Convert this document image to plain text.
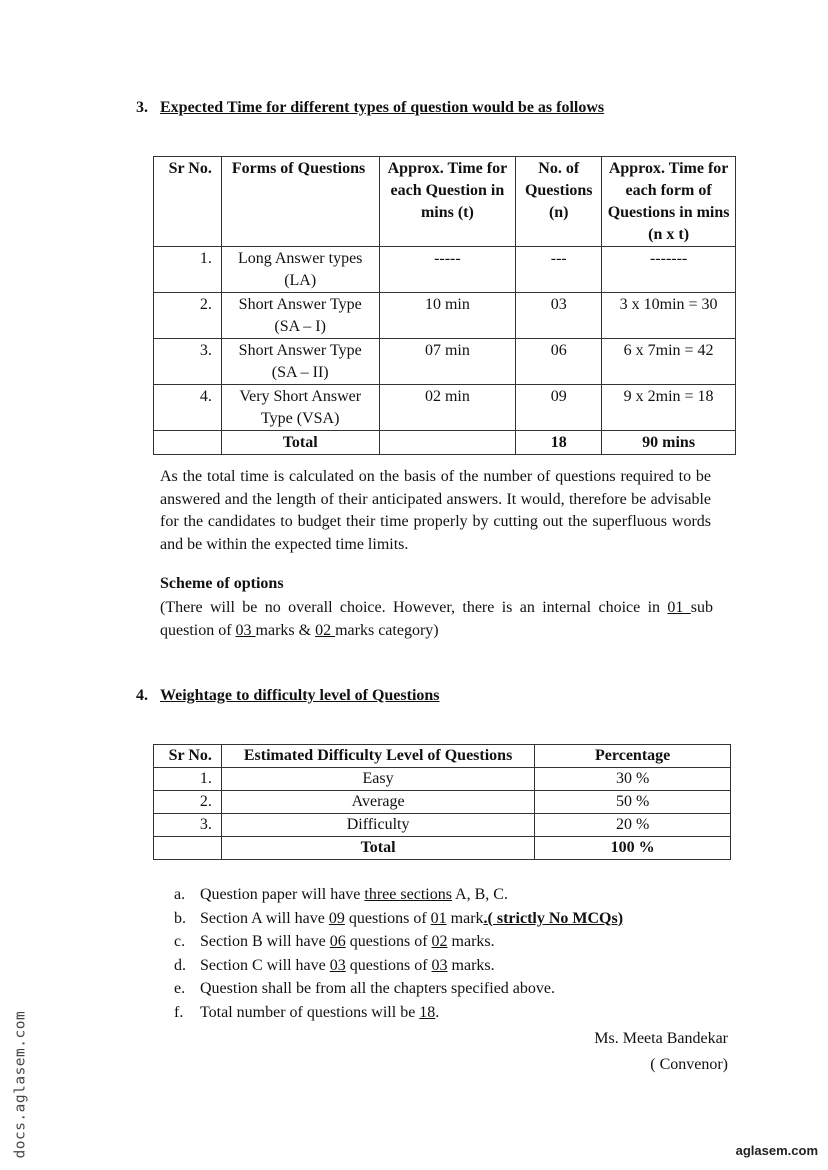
3. Expected Time for different types of question would be as follows
Sr No.	Forms of Questions	Approx. Time for each Question in mins (t)	No. of Questions (n)	Approx. Time for each form of Questions in mins (n x t)
1.	Long Answer types (LA)	-----	---	-------
2.	Short Answer Type (SA – I)	10 min	03	3 x 10min = 30
3.	Short Answer Type (SA – II)	07 min	06	6 x 7min = 42
4.	Very Short Answer Type (VSA)	02 min	09	9 x 2min = 18
	Total		18	90 mins
As the total time is calculated on the basis of the number of questions required to be answered and the length of their anticipated answers. It would, therefore be advisable for the candidates to budget their time properly by cutting out the superfluous words and be within the expected time limits.
Scheme of options
(There will be no overall choice. However, there is an internal choice in 01 sub question of 03 marks & 02 marks category)
4. Weightage to difficulty level of Questions
Sr No.	Estimated Difficulty Level of Questions	Percentage
1.	Easy	30 %
2.	Average	50 %
3.	Difficulty	20 %
	Total	100 %
a. Question paper will have three sections A, B, C.
b. Section A will have 09 questions of 01 mark.( strictly No MCQs)
c. Section B will have 06 questions of 02 marks.
d. Section C will have 03 questions of 03 marks.
e. Question shall be from all the chapters specified above.
f. Total number of questions will be 18.
Ms. Meeta Bandekar
( Convenor)
docs.aglasem.com	aglasem.com
